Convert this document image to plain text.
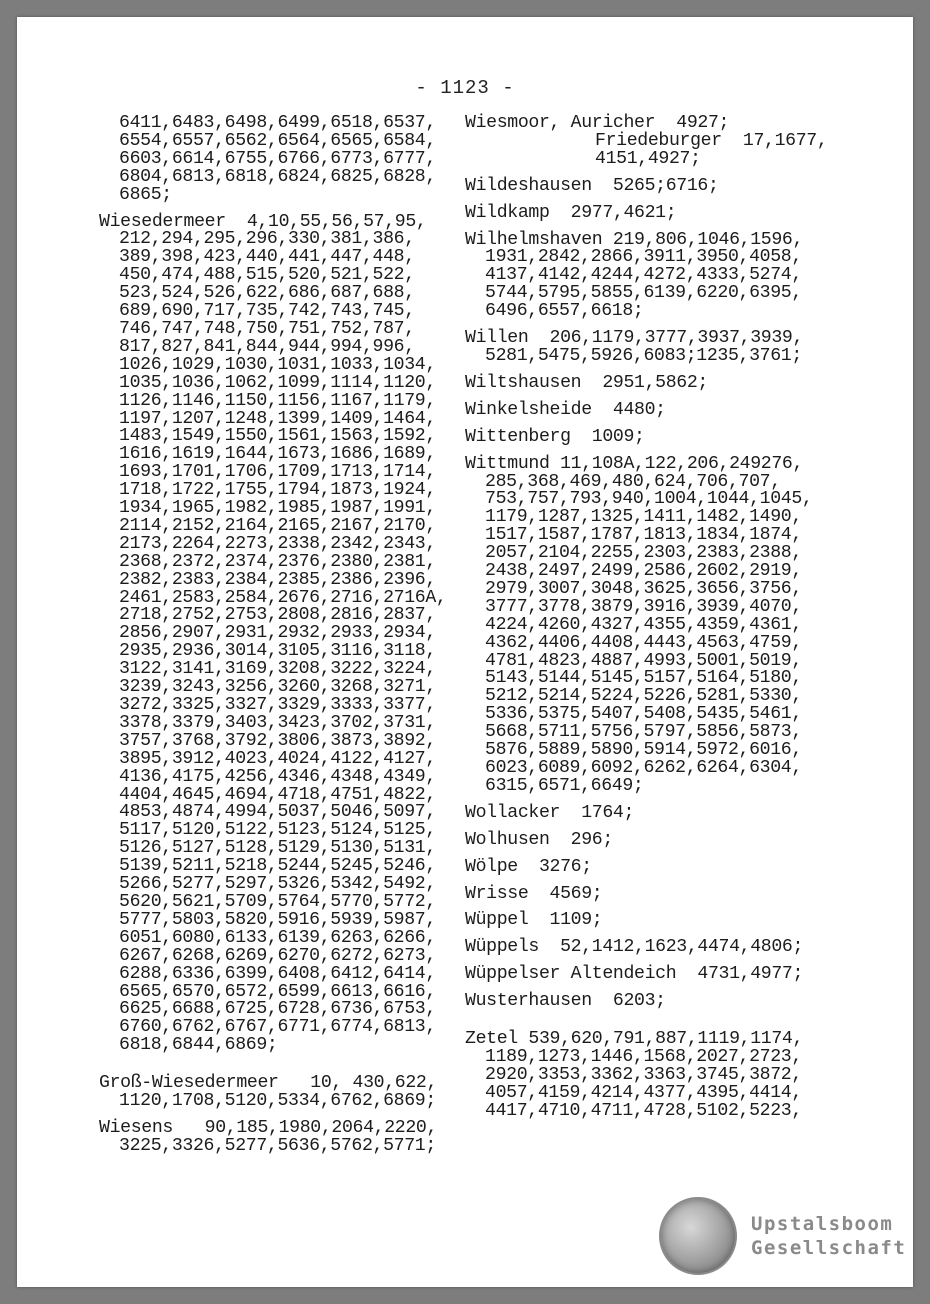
- 1123 -
6411,6483,6498,6499,6518,6537,
6554,6557,6562,6564,6565,6584,
6603,6614,6755,6766,6773,6777,
6804,6813,6818,6824,6825,6828,
6865;
Wiesedermeer  4,10,55,56,57,95,
212,294,295,296,330,381,386,
389,398,423,440,441,447,448,
450,474,488,515,520,521,522,
523,524,526,622,686,687,688,
689,690,717,735,742,743,745,
746,747,748,750,751,752,787,
817,827,841,844,944,994,996,
1026,1029,1030,1031,1033,1034,
1035,1036,1062,1099,1114,1120,
1126,1146,1150,1156,1167,1179,
1197,1207,1248,1399,1409,1464,
1483,1549,1550,1561,1563,1592,
1616,1619,1644,1673,1686,1689,
1693,1701,1706,1709,1713,1714,
1718,1722,1755,1794,1873,1924,
1934,1965,1982,1985,1987,1991,
2114,2152,2164,2165,2167,2170,
2173,2264,2273,2338,2342,2343,
2368,2372,2374,2376,2380,2381,
2382,2383,2384,2385,2386,2396,
2461,2583,2584,2676,2716,2716A,
2718,2752,2753,2808,2816,2837,
2856,2907,2931,2932,2933,2934,
2935,2936,3014,3105,3116,3118,
3122,3141,3169,3208,3222,3224,
3239,3243,3256,3260,3268,3271,
3272,3325,3327,3329,3333,3377,
3378,3379,3403,3423,3702,3731,
3757,3768,3792,3806,3873,3892,
3895,3912,4023,4024,4122,4127,
4136,4175,4256,4346,4348,4349,
4404,4645,4694,4718,4751,4822,
4853,4874,4994,5037,5046,5097,
5117,5120,5122,5123,5124,5125,
5126,5127,5128,5129,5130,5131,
5139,5211,5218,5244,5245,5246,
5266,5277,5297,5326,5342,5492,
5620,5621,5709,5764,5770,5772,
5777,5803,5820,5916,5939,5987,
6051,6080,6133,6139,6263,6266,
6267,6268,6269,6270,6272,6273,
6288,6336,6399,6408,6412,6414,
6565,6570,6572,6599,6613,6616,
6625,6688,6725,6728,6736,6753,
6760,6762,6767,6771,6774,6813,
6818,6844,6869;
Groß-Wiesedermeer   10, 430,622,
1120,1708,5120,5334,6762,6869;
Wiesens   90,185,1980,2064,2220,
3225,3326,5277,5636,5762,5771;
Wiesmoor, Auricher  4927;
Friedeburger  17,1677,
4151,4927;
Wildeshausen  5265;6716;
Wildkamp  2977,4621;
Wilhelmshaven 219,806,1046,1596,
1931,2842,2866,3911,3950,4058,
4137,4142,4244,4272,4333,5274,
5744,5795,5855,6139,6220,6395,
6496,6557,6618;
Willen  206,1179,3777,3937,3939,
5281,5475,5926,6083;1235,3761;
Wiltshausen  2951,5862;
Winkelsheide  4480;
Wittenberg  1009;
Wittmund 11,108A,122,206,249276,
285,368,469,480,624,706,707,
753,757,793,940,1004,1044,1045,
1179,1287,1325,1411,1482,1490,
1517,1587,1787,1813,1834,1874,
2057,2104,2255,2303,2383,2388,
2438,2497,2499,2586,2602,2919,
2979,3007,3048,3625,3656,3756,
3777,3778,3879,3916,3939,4070,
4224,4260,4327,4355,4359,4361,
4362,4406,4408,4443,4563,4759,
4781,4823,4887,4993,5001,5019,
5143,5144,5145,5157,5164,5180,
5212,5214,5224,5226,5281,5330,
5336,5375,5407,5408,5435,5461,
5668,5711,5756,5797,5856,5873,
5876,5889,5890,5914,5972,6016,
6023,6089,6092,6262,6264,6304,
6315,6571,6649;
Wollacker  1764;
Wolhusen  296;
Wölpe  3276;
Wrisse  4569;
Wüppel  1109;
Wüppels  52,1412,1623,4474,4806;
Wüppelser Altendeich  4731,4977;
Wusterhausen  6203;
Zetel 539,620,791,887,1119,1174,
1189,1273,1446,1568,2027,2723,
2920,3353,3362,3363,3745,3872,
4057,4159,4214,4377,4395,4414,
4417,4710,4711,4728,5102,5223,
Upstalsboom
Gesellschaft
